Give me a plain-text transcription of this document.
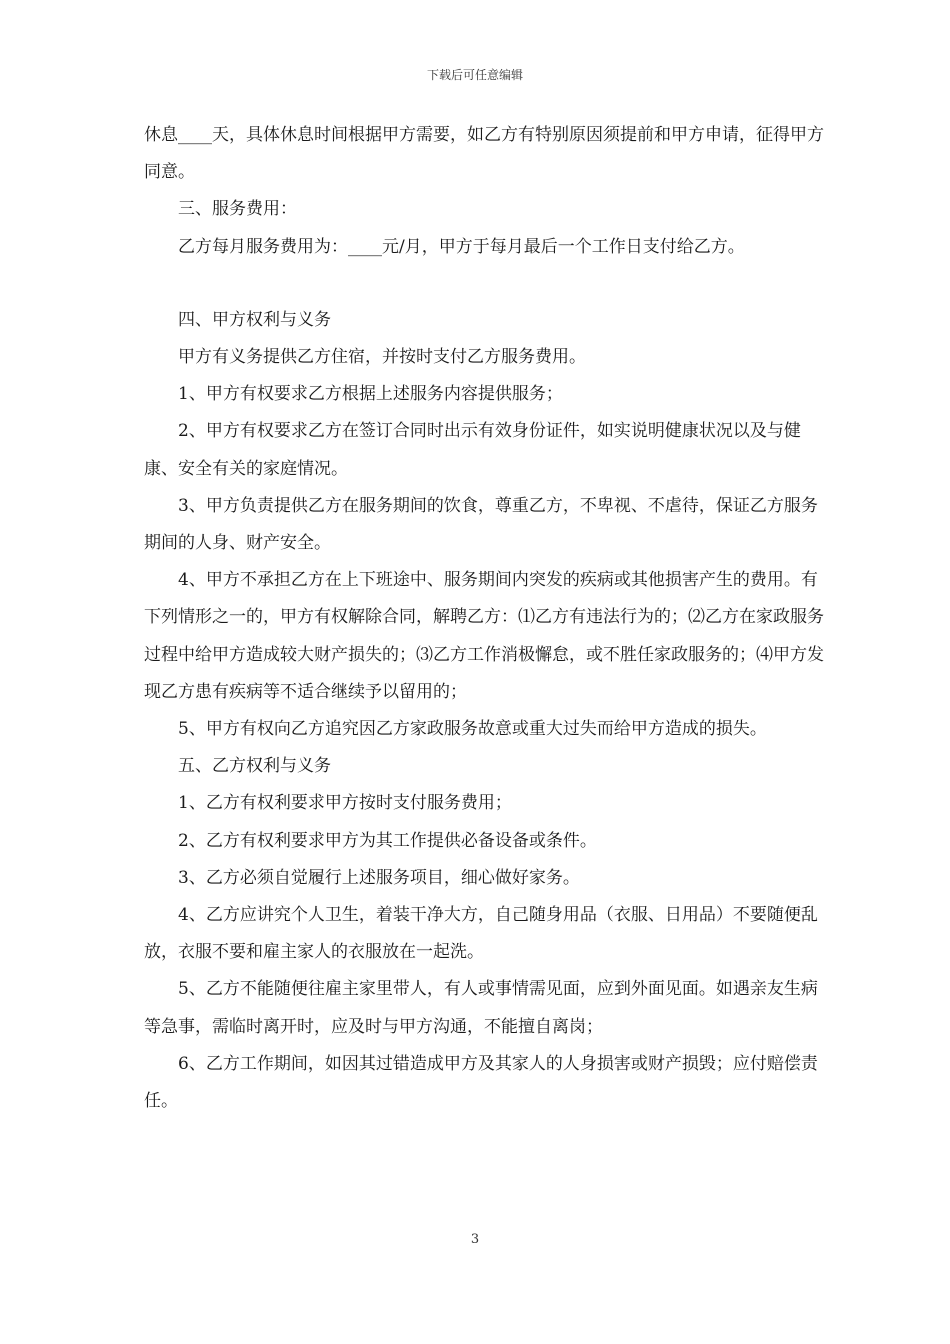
下载后可任意编辑

休息____天，具体休息时间根据甲方需要，如乙方有特别原因须提前和甲方申请，征得甲方同意。

三、服务费用：

乙方每月服务费用为：____元/月，甲方于每月最后一个工作日支付给乙方。

四、甲方权利与义务

甲方有义务提供乙方住宿，并按时支付乙方服务费用。

1、甲方有权要求乙方根据上述服务内容提供服务；

2、甲方有权要求乙方在签订合同时出示有效身份证件，如实说明健康状况以及与健康、安全有关的家庭情况。

3、甲方负责提供乙方在服务期间的饮食，尊重乙方，不卑视、不虐待，保证乙方服务期间的人身、财产安全。

4、甲方不承担乙方在上下班途中、服务期间内突发的疾病或其他损害产生的费用。有下列情形之一的，甲方有权解除合同，解聘乙方：⑴乙方有违法行为的；⑵乙方在家政服务过程中给甲方造成较大财产损失的；⑶乙方工作消极懈怠，或不胜任家政服务的；⑷甲方发现乙方患有疾病等不适合继续予以留用的；

5、甲方有权向乙方追究因乙方家政服务故意或重大过失而给甲方造成的损失。

五、乙方权利与义务

1、乙方有权利要求甲方按时支付服务费用；

2、乙方有权利要求甲方为其工作提供必备设备或条件。

3、乙方必须自觉履行上述服务项目，细心做好家务。

4、乙方应讲究个人卫生，着装干净大方，自己随身用品（衣服、日用品）不要随便乱放，衣服不要和雇主家人的衣服放在一起洗。

5、乙方不能随便往雇主家里带人，有人或事情需见面，应到外面见面。如遇亲友生病等急事，需临时离开时，应及时与甲方沟通，不能擅自离岗；

6、乙方工作期间，如因其过错造成甲方及其家人的人身损害或财产损毁；应付赔偿责任。

3
